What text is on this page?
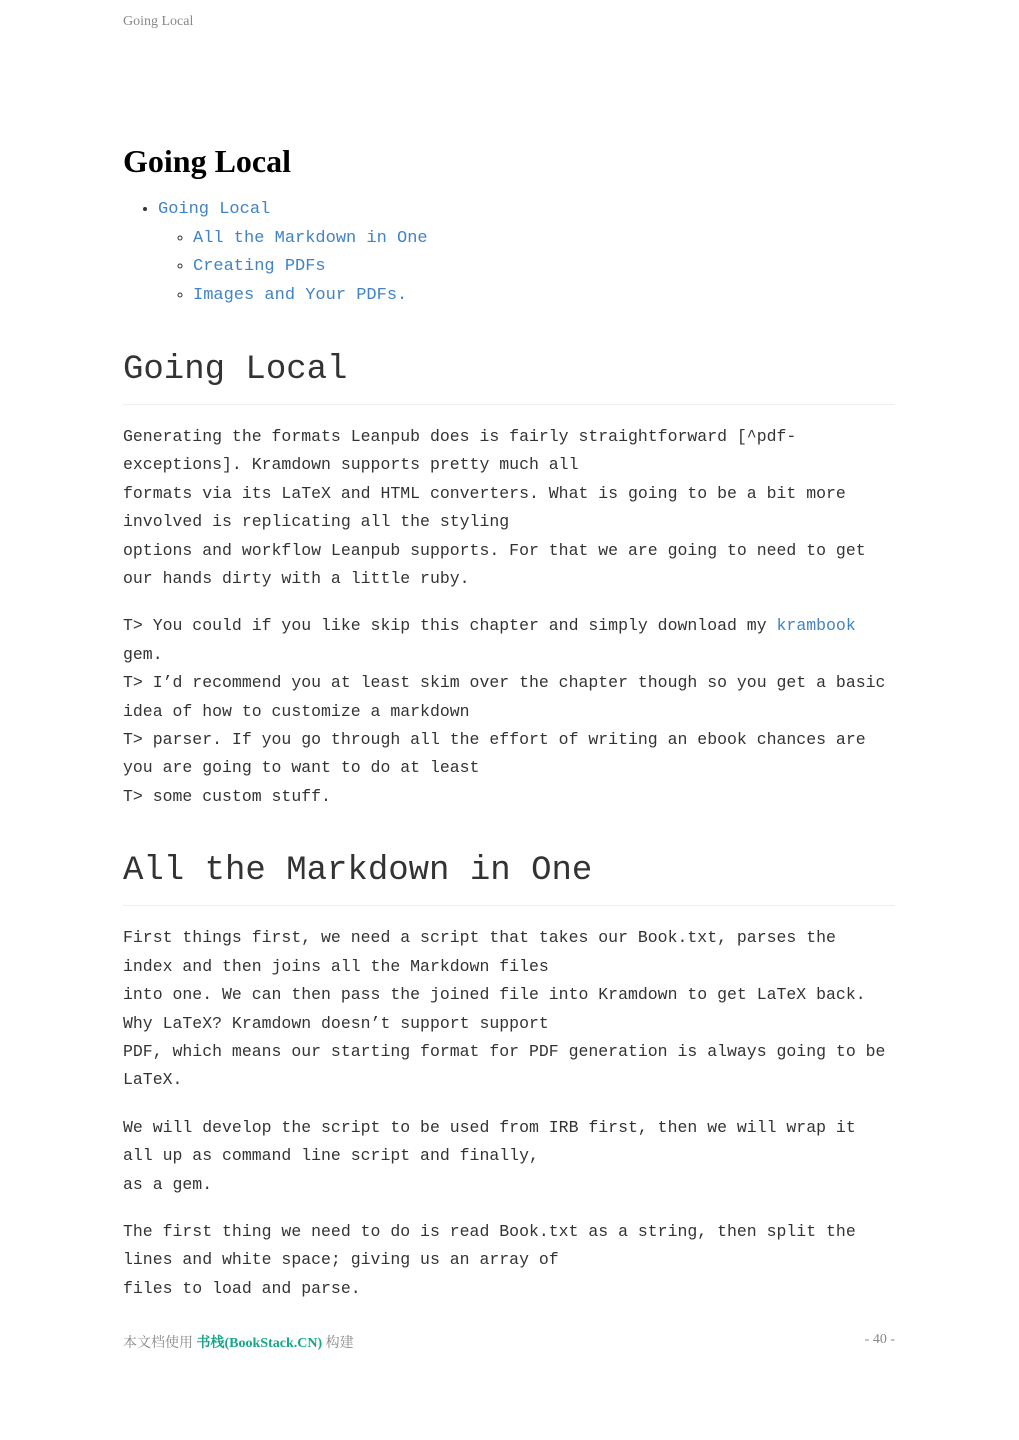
Going Local
Going Local
• Going Local
◦ All the Markdown in One
◦ Creating PDFs
◦ Images and Your PDFs.
Going Local

Generating the formats Leanpub does is fairly straightforward [^pdf-exceptions]. Kramdown supports pretty much all
formats via its LaTeX and HTML converters. What is going to be a bit more involved is replicating all the styling
options and workflow Leanpub supports. For that we are going to need to get our hands dirty with a little ruby.

T> You could if you like skip this chapter and simply download my krambook
gem.
T> I’d recommend you at least skim over the chapter though so you get a basic idea of how to customize a markdown
T> parser. If you go through all the effort of writing an ebook chances are you are going to want to do at least
T> some custom stuff.

All the Markdown in One

First things first, we need a script that takes our Book.txt, parses the index and then joins all the Markdown files
into one. We can then pass the joined file into Kramdown to get LaTeX back. Why LaTeX? Kramdown doesn’t support support
PDF, which means our starting format for PDF generation is always going to be LaTeX.

We will develop the script to be used from IRB first, then we will wrap it all up as command line script and finally,
as a gem.

The first thing we need to do is read Book.txt as a string, then split the lines and white space; giving us an array of
files to load and parse.

本文档使用 书栈(BookStack.CN) 构建	- 40 -
